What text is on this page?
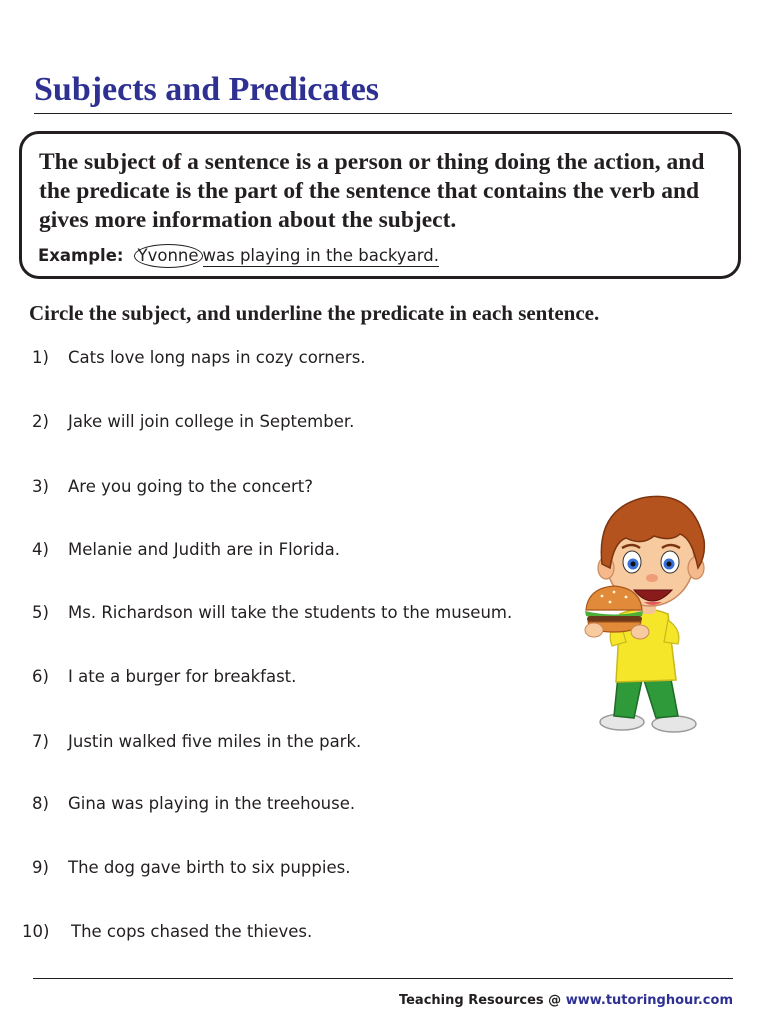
Subjects and Predicates

The subject of a sentence is a person or thing doing the action, and the predicate is the part of the sentence that contains the verb and gives more information about the subject.

Example: Yvonne was playing in the backyard.

Circle the subject, and underline the predicate in each sentence.

1) Cats love long naps in cozy corners.
2) Jake will join college in September.
3) Are you going to the concert?
4) Melanie and Judith are in Florida.
5) Ms. Richardson will take the students to the museum.
6) I ate a burger for breakfast.
7) Justin walked five miles in the park.
8) Gina was playing in the treehouse.
9) The dog gave birth to six puppies.
10) The cops chased the thieves.
Teaching Resources @ www.tutoringhour.com
